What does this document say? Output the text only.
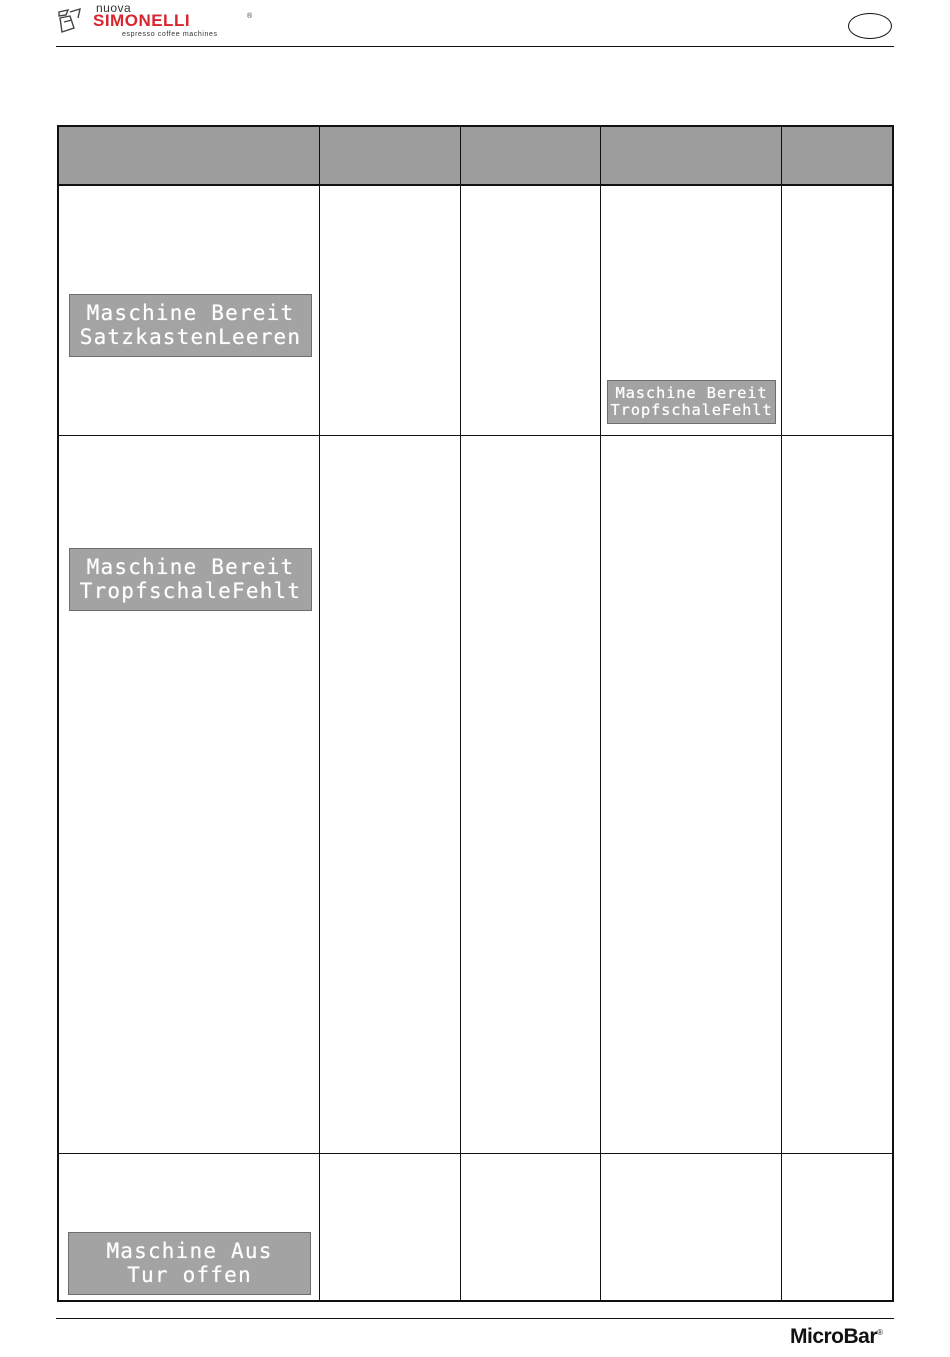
nuova
SIMONELLI	®
espresso coffee machines
Maschine Bereit
SatzkastenLeeren
Maschine Bereit
TropfschaleFehlt
Maschine Bereit
TropfschaleFehlt
Maschine Aus
Tur offen
MicroBar®
